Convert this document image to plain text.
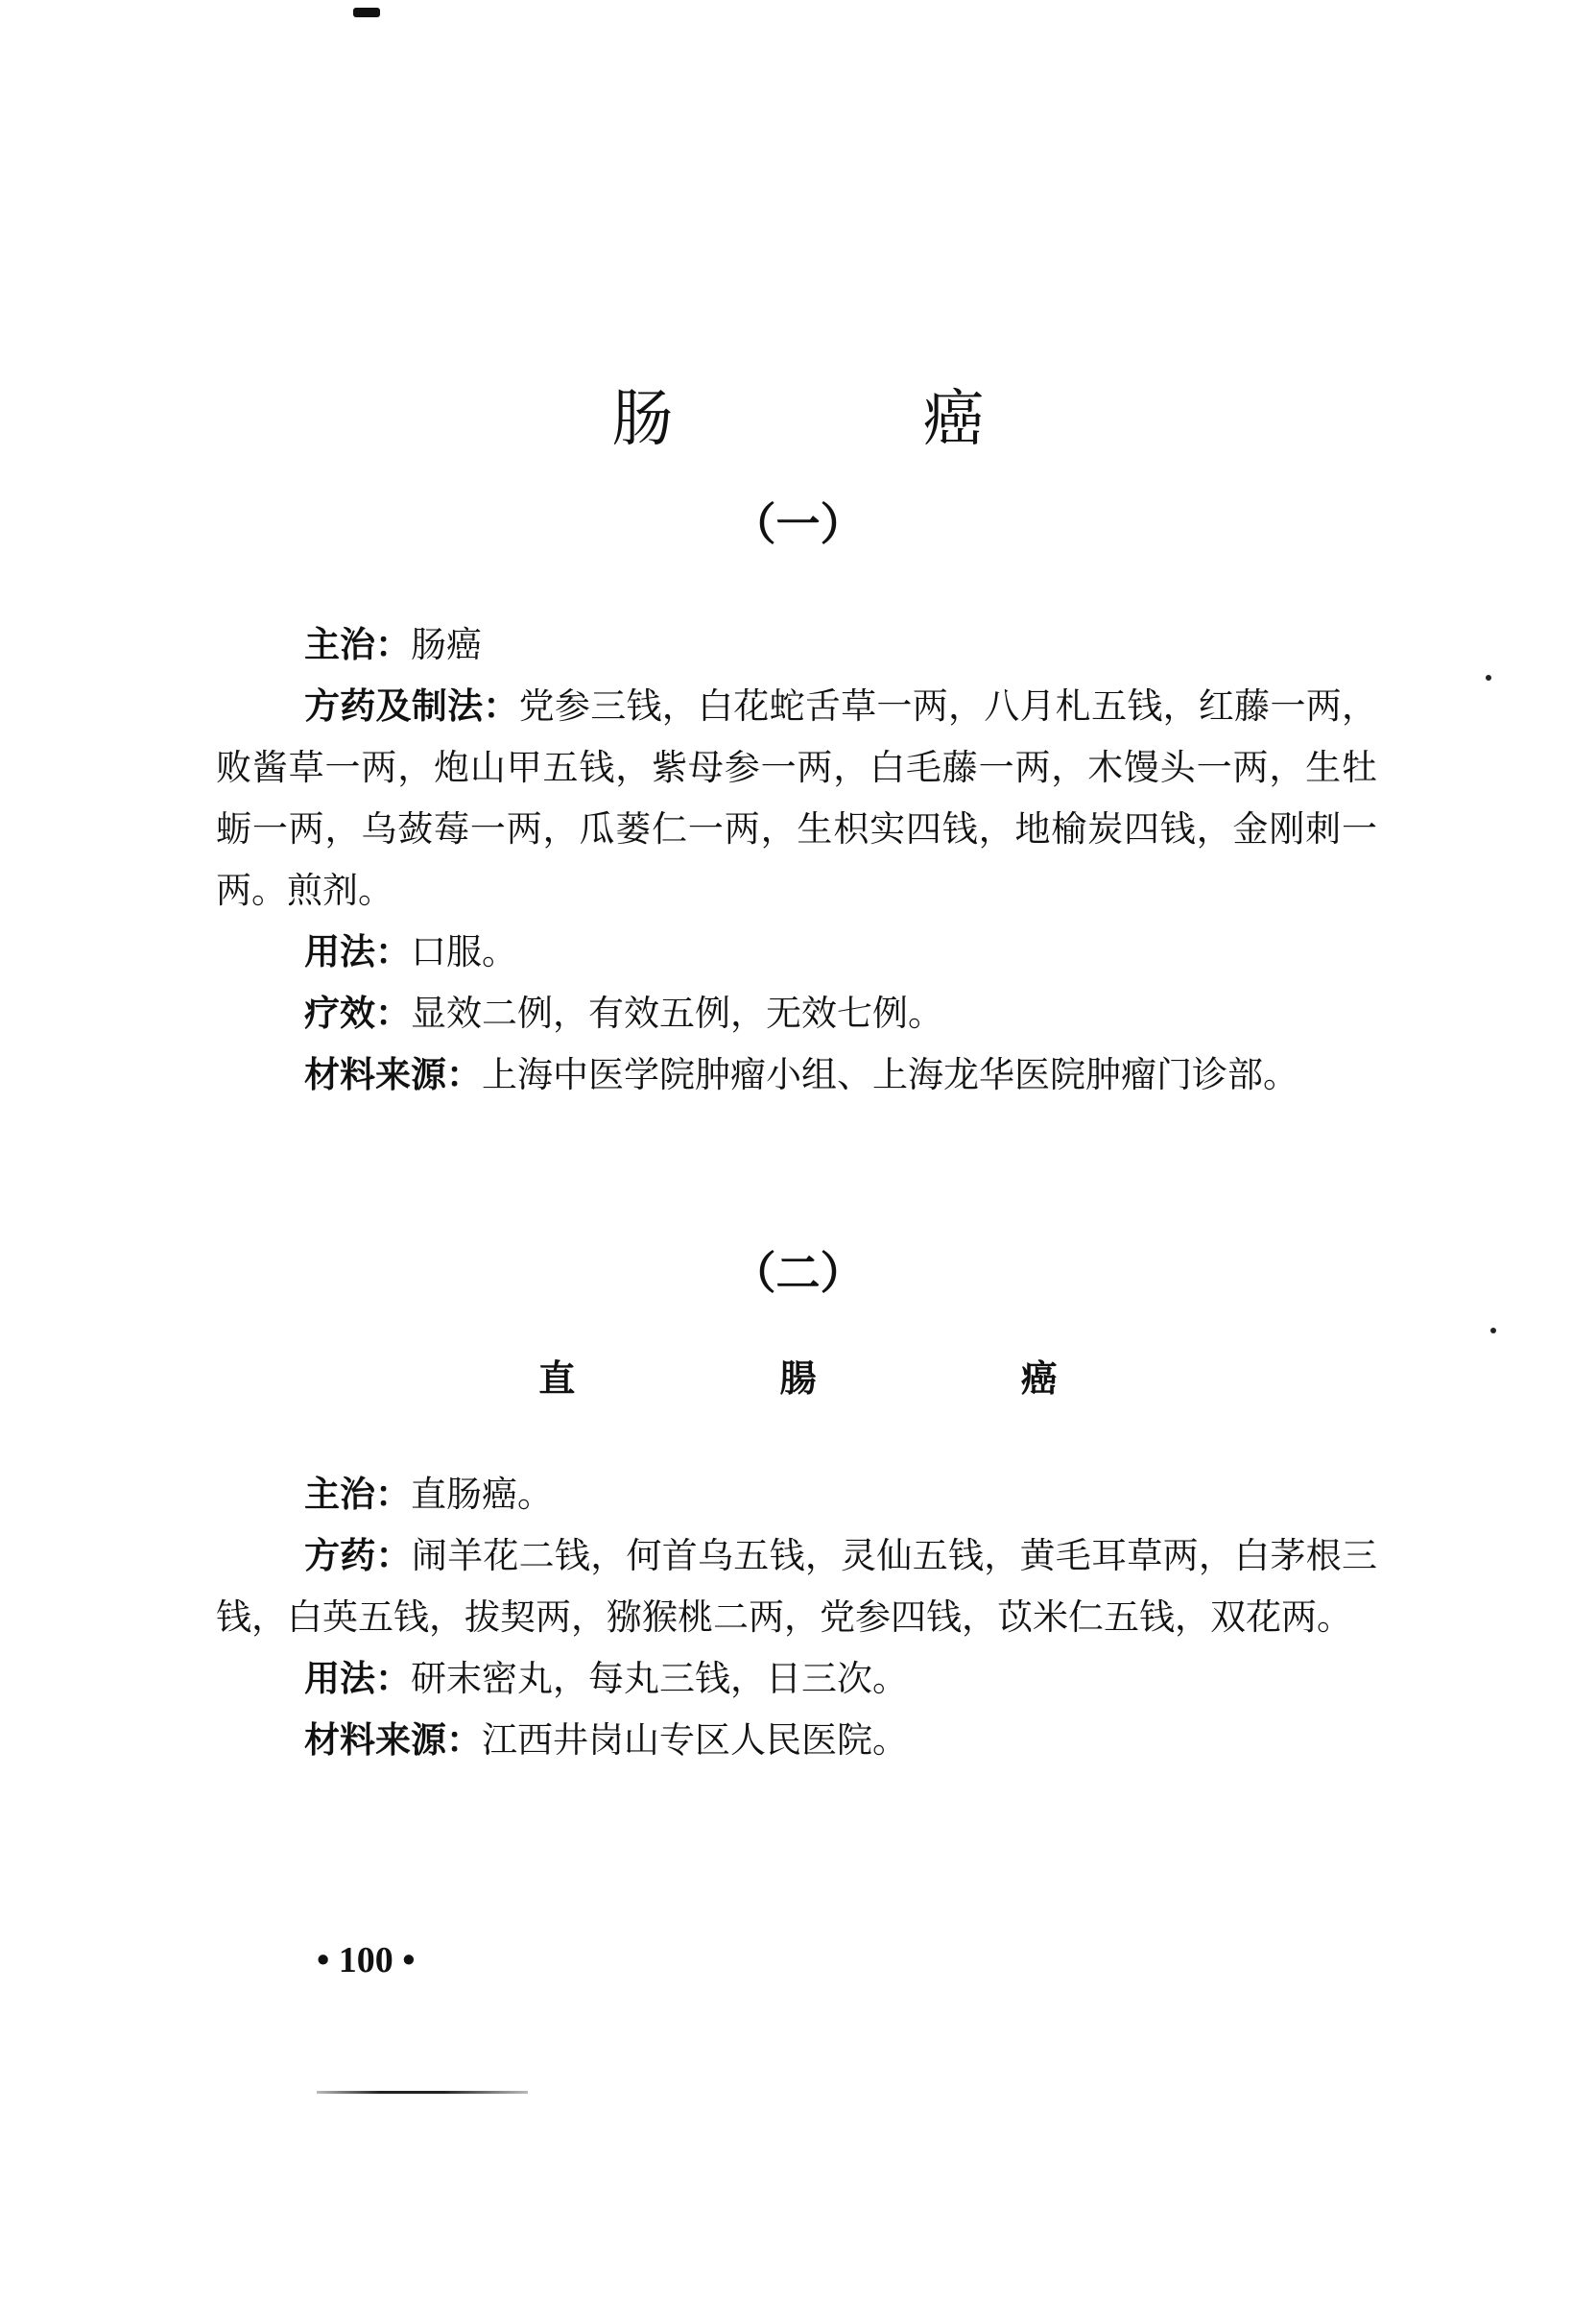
肠 癌
（一）

主治：肠癌

方药及制法：党参三钱，白花蛇舌草一两，八月札五钱，红藤一两，败酱草一两，炮山甲五钱，紫母参一两，白毛藤一两，木馒头一两，生牡蛎一两，乌蔹莓一两，瓜蒌仁一两，生枳实四钱，地榆炭四钱，金刚刺一两。煎剂。

用法：口服。

疗效：显效二例，有效五例，无效七例。

材料来源：上海中医学院肿瘤小组、上海龙华医院肿瘤门诊部。

（二）
直 腸 癌

主治：直肠癌。

方药：闹羊花二钱，何首乌五钱，灵仙五钱，黄毛耳草两，白茅根三钱，白英五钱，拔契两，猕猴桃二两，党参四钱，苡米仁五钱，双花两。

用法：研末密丸，每丸三钱，日三次。

材料来源：江西井岗山专区人民医院。

• 100 •
